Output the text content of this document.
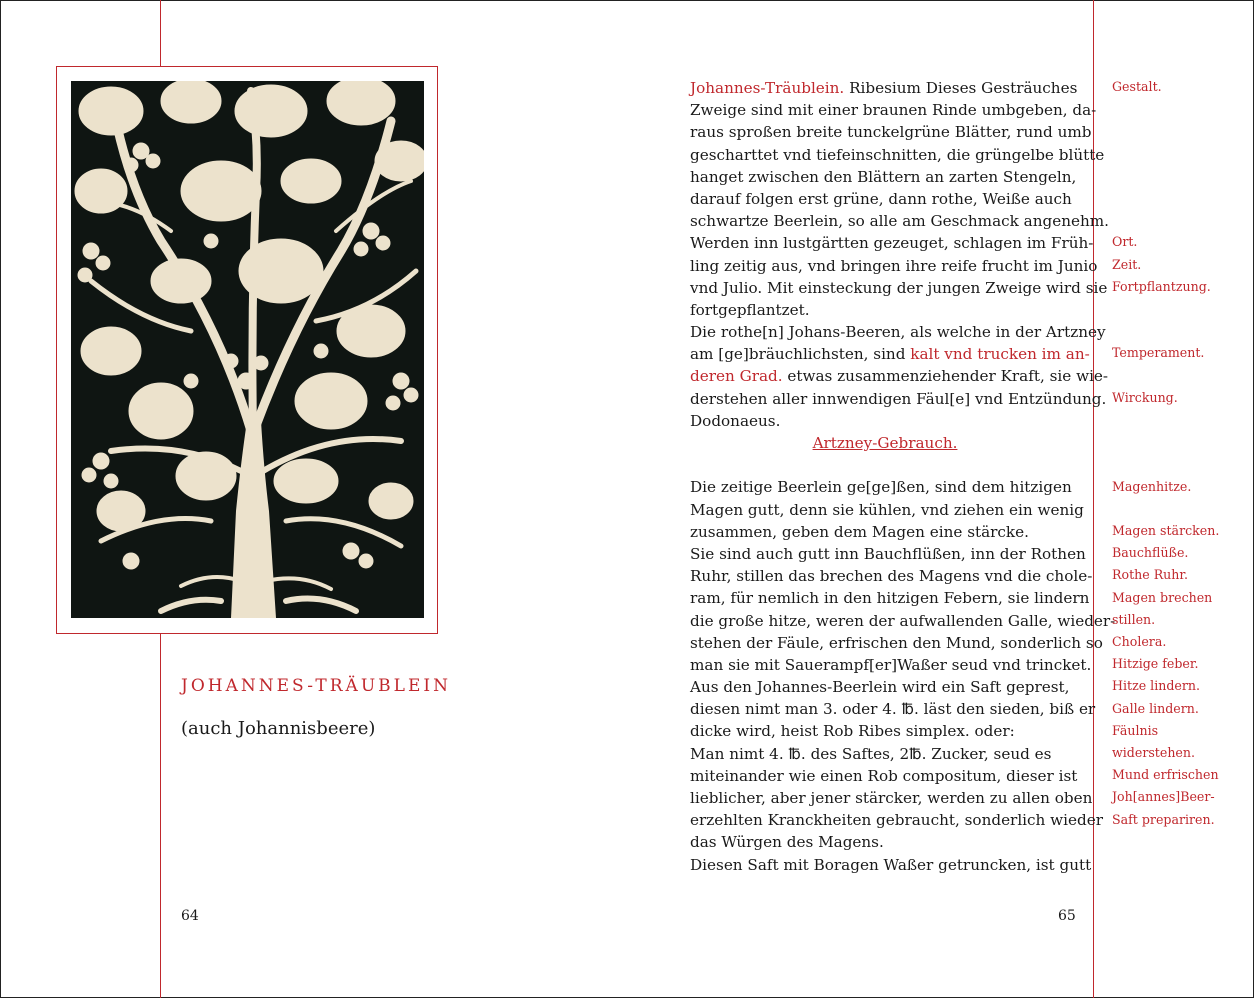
JOHANNES-TRÄUBLEIN
(auch Johannisbeere)
64	65
Johannes-Träublein. Ribesium Dieses Gesträuches
Zweige sind mit einer braunen Rinde umbgeben, da-
raus sproßen breite tunckelgrüne Blätter, rund umb
gescharttet vnd tiefeinschnitten, die grüngelbe blütte
hanget zwischen den Blättern an zarten Stengeln,
darauf folgen erst grüne, dann rothe, Weiße auch
schwartze Beerlein, so alle am Geschmack angenehm.
Werden inn lustgärtten gezeuget, schlagen im Früh-
ling zeitig aus, vnd bringen ihre reife frucht im Junio
vnd Julio. Mit einsteckung der jungen Zweige wird sie
fortgepflantzet.
Die rothe[n] Johans-Beeren, als welche in der Artzney
am [ge]bräuchlichsten, sind kalt vnd trucken im an-
deren Grad. etwas zusammenziehender Kraft, sie wie-
derstehen aller innwendigen Fäul[e] vnd Entzündung.
Dodonaeus.
Artzney-Gebrauch.
Die zeitige Beerlein ge[ge]ßen, sind dem hitzigen
Magen gutt, denn sie kühlen, vnd ziehen ein wenig
zusammen, geben dem Magen eine stärcke.
Sie sind auch gutt inn Bauchflüßen, inn der Rothen
Ruhr, stillen das brechen des Magens vnd die chole-
ram, für nemlich in den hitzigen Febern, sie lindern
die große hitze, weren der aufwallenden Galle, wieder-
stehen der Fäule, erfrischen den Mund, sonderlich so
man sie mit Sauerampf[er]Waßer seud vnd trincket.
Aus den Johannes-Beerlein wird ein Saft geprest,
diesen nimt man 3. oder 4. ℔. läst den sieden, biß er
dicke wird, heist Rob Ribes simplex. oder:
Man nimt 4. ℔. des Saftes, 2℔. Zucker, seud es
miteinander wie einen Rob compositum, dieser ist
lieblicher, aber jener stärcker, werden zu allen oben
erzehlten Kranckheiten gebraucht, sonderlich wieder
das Würgen des Magens.
Diesen Saft mit Boragen Waßer getruncken, ist gutt
Gestalt.
Ort.
Zeit.
Fortpflantzung.
Temperament.
Wirckung.
Magenhitze.
Magen stärcken.
Bauchflüße.
Rothe Ruhr.
Magen brechen
stillen.
Cholera.
Hitzige feber.
Hitze lindern.
Galle lindern.
Fäulnis
widerstehen.
Mund erfrischen
Joh[annes]Beer-
Saft prepariren.
